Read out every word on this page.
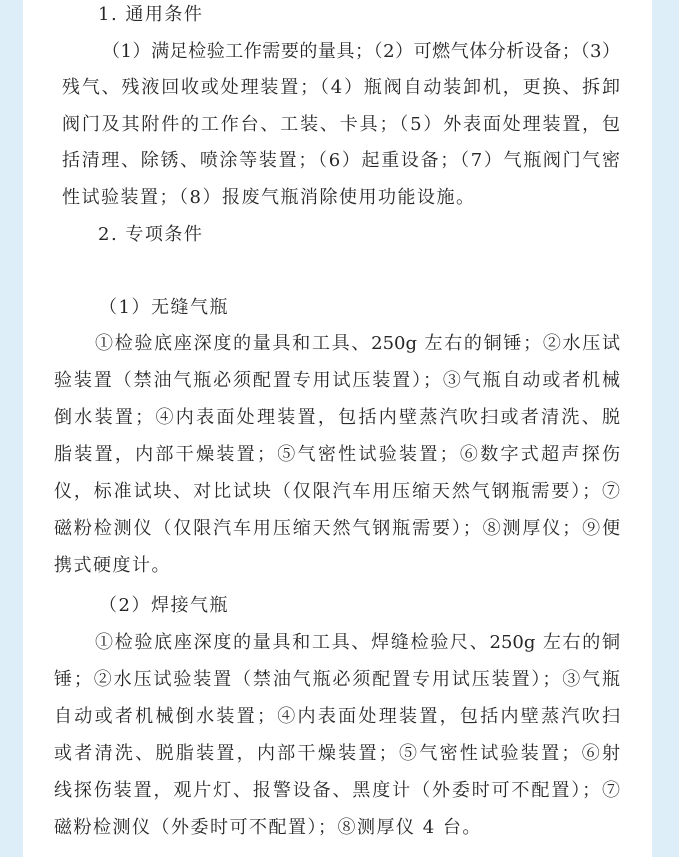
1. 通用条件
（1）满足检验工作需要的量具；（2）可燃气体分析设备；（3）
残气、残液回收或处理装置；（4）瓶阀自动装卸机，更换、拆卸
阀门及其附件的工作台、工装、卡具；（5）外表面处理装置，包
括清理、除锈、喷涂等装置；（6）起重设备；（7）气瓶阀门气密
性试验装置；（8）报废气瓶消除使用功能设施。
2. 专项条件
（1）无缝气瓶
①检验底座深度的量具和工具、250g 左右的铜锤；②水压试
验装置（禁油气瓶必须配置专用试压装置）；③气瓶自动或者机械
倒水装置；④内表面处理装置，包括内壁蒸汽吹扫或者清洗、脱
脂装置，内部干燥装置；⑤气密性试验装置；⑥数字式超声探伤
仪，标准试块、对比试块（仅限汽车用压缩天然气钢瓶需要）；⑦
磁粉检测仪（仅限汽车用压缩天然气钢瓶需要）；⑧测厚仪；⑨便
携式硬度计。
（2）焊接气瓶
①检验底座深度的量具和工具、焊缝检验尺、250g 左右的铜
锤；②水压试验装置（禁油气瓶必须配置专用试压装置）；③气瓶
自动或者机械倒水装置；④内表面处理装置，包括内壁蒸汽吹扫
或者清洗、脱脂装置，内部干燥装置；⑤气密性试验装置；⑥射
线探伤装置，观片灯、报警设备、黑度计（外委时可不配置）；⑦
磁粉检测仪（外委时可不配置）；⑧测厚仪 4 台。
